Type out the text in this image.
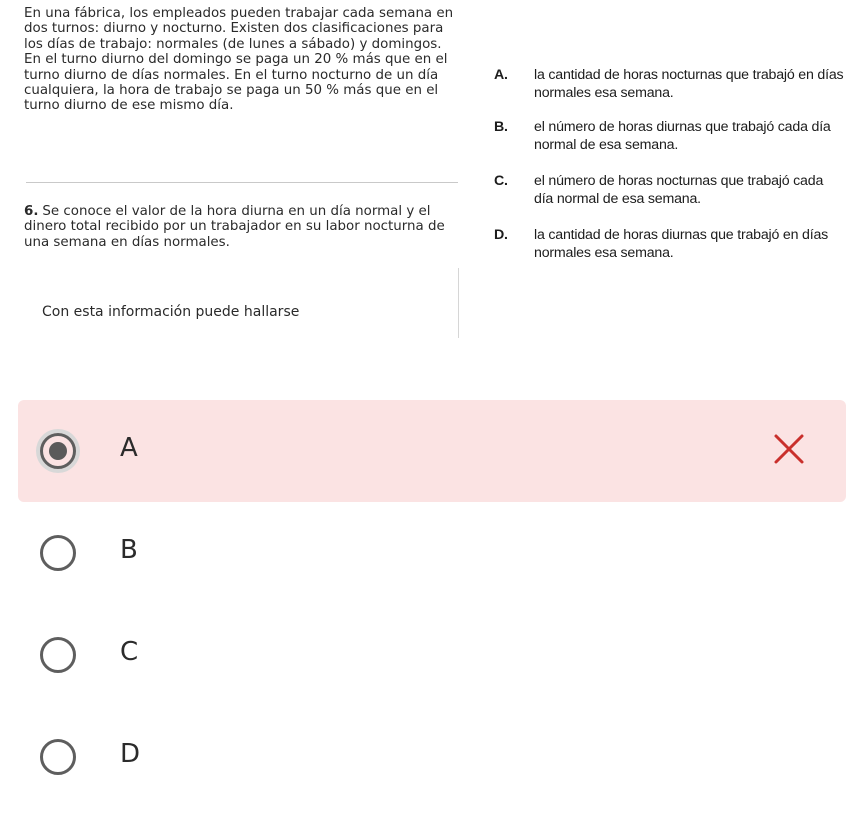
En una fábrica, los empleados pueden trabajar cada semana en dos turnos: diurno y nocturno. Existen dos clasificaciones para los días de trabajo: normales (de lunes a sábado) y domingos. En el turno diurno del domingo se paga un 20 % más que en el turno diurno de días normales. En el turno nocturno de un día cualquiera, la hora de trabajo se paga un 50 % más que en el turno diurno de ese mismo día.

6. Se conoce el valor de la hora diurna en un día normal y el dinero total recibido por un trabajador en su labor nocturna de una semana en días normales.

Con esta información puede hallarse
A. la cantidad de horas nocturnas que trabajó en días normales esa semana.
B. el número de horas diurnas que trabajó cada día normal de esa semana.
C. el número de horas nocturnas que trabajó cada día normal de esa semana.
D. la cantidad de horas diurnas que trabajó en días normales esa semana.
A
B
C
D
